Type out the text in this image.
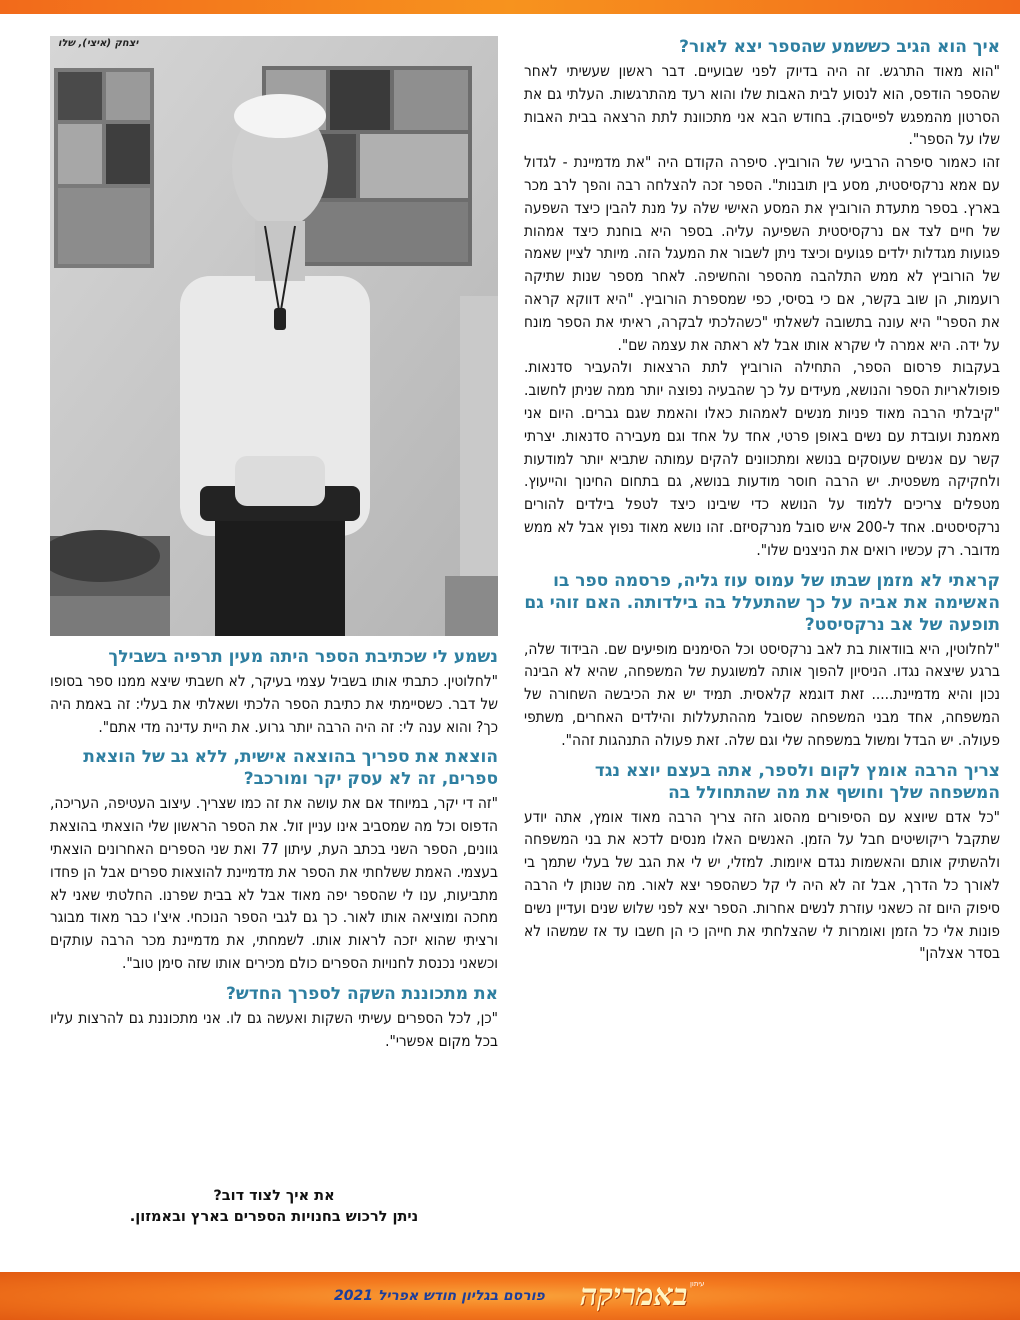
יצחק (איצי), שלו	איך הוא הגיב כששמע שהספר יצא לאור?

"הוא מאוד התרגש. זה היה בדיוק לפני שבועיים. דבר ראשון שעשיתי לאחר שהספר הודפס, הוא לנסוע לבית האבות שלו והוא רעד מהתרגשות. העלתי גם את הסרטון מהמפגש לפייסבוק. בחודש הבא אני מתכוונת לתת הרצאה בבית האבות שלו על הספר".

זהו כאמור סיפרה הרביעי של הורוביץ. סיפרה הקודם היה "את מדמיינת - לגדול עם אמא נרקסיסטית, מסע בין תובנות". הספר זכה להצלחה רבה והפך לרב מכר בארץ. בספר מתעדת הורוביץ את המסע האישי שלה על מנת להבין כיצד השפעה של חיים לצד אם נרקסיסטית השפיעה עליה. בספר היא בוחנת כיצד אמהות פגועות מגדלות ילדים פגועים וכיצד ניתן לשבור את המעגל הזה. מיותר לציין שאמה של הורוביץ לא ממש התלהבה מהספר והחשיפה. לאחר מספר שנות שתיקה רועמות, הן שוב בקשר, אם כי בסיסי, כפי שמספרת הורוביץ. "היא דווקא קראה את הספר" היא עונה בתשובה לשאלתי "כשהלכתי לבקרה, ראיתי את הספר מונח על ידה. היא אמרה לי שקרא אותו אבל לא ראתה את עצמה שם".

בעקבות פרסום הספר, התחילה הורוביץ לתת הרצאות ולהעביר סדנאות. פופולאריות הספר והנושא, מעידים על כך שהבעיה נפוצה יותר ממה שניתן לחשוב. "קיבלתי הרבה מאוד פניות מנשים לאמהות כאלו והאמת שגם גברים. היום אני מאמנת ועובדת עם נשים באופן פרטי, אחד על אחד וגם מעבירה סדנאות. יצרתי קשר עם אנשים שעוסקים בנושא ומתכוונים להקים עמותה שתביא יותר למודעות ולחקיקה משפטית. יש הרבה חוסר מודעות בנושא, גם בתחום החינוך והייעוץ. מטפלים צריכים ללמוד על הנושא כדי שיבינו כיצד לטפל בילדים להורים נרקסיסטים. אחד ל-200 איש סובל מנרקסיזם. זהו נושא מאוד נפוץ אבל לא ממש מדובר. רק עכשיו רואים את הניצנים שלו".

קראתי לא מזמן שבתו של עמוס עוז גליה, פרסמה ספר בו האשימה את אביה על כך שהתעלל בה בילדותה. האם זוהי גם תופעה של אב נרקסיסט?

"לחלוטין, היא בוודאות בת לאב נרקסיסט וכל הסימנים מופיעים שם. הבידוד שלה, ברגע שיצאה נגדו. הניסיון להפוך אותה למשוגעת של המשפחה, שהיא לא הבינה נכון והיא מדמיינת..... זאת דוגמא קלאסית. תמיד יש את הכיבשה השחורה של המשפחה, אחד מבני המשפחה שסובל מההתעללות והילדים האחרים, משתפי פעולה. יש הבדל ומשול במשפחה שלי וגם שלה. זאת פעולה התנהגות זהה".

צריך הרבה אומץ לקום ולספר, אתה בעצם יוצא נגד המשפחה שלך וחושף את מה שהתחולל בה

"כל אדם שיוצא עם הסיפורים מהסוג הזה צריך הרבה מאוד אומץ, אתה יודע שתקבל ריקושיטים חבל על הזמן. האנשים האלו מנסים לדכא את בני המשפחה ולהשתיק אותם והאשמות נגדם איומות. למזלי, יש לי את הגב של בעלי שתמך בי לאורך כל הדרך, אבל זה לא היה לי קל כשהספר יצא לאור. מה שנותן לי הרבה סיפוק היום זה כשאני עוזרת לנשים אחרות. הספר יצא לפני שלוש שנים ועדיין נשים פונות אלי כל הזמן ואומרות לי שהצלחתי את חייהן כי הן חשבו עד אז שמשהו לא בסדר אצלהן"

נשמע לי שכתיבת הספר היתה מעין תרפיה בשבילך

"לחלוטין. כתבתי אותו בשביל עצמי בעיקר, לא חשבתי שיצא ממנו ספר בסופו של דבר. כשסיימתי את כתיבת הספר הלכתי ושאלתי את בעלי: זה באמת היה כך? והוא ענה לי: זה היה הרבה יותר גרוע. את היית עדינה מדי אתם".

הוצאת את ספריך בהוצאה אישית, ללא גב של הוצאת ספרים, זה לא עסק יקר ומורכב?

"זה די יקר, במיוחד אם את עושה את זה כמו שצריך. עיצוב העטיפה, העריכה, הדפוס וכל מה שמסביב אינו עניין זול. את הספר הראשון שלי הוצאתי בהוצאת גוונים, הספר השני בכתב העת, עיתון 77 ואת שני הספרים האחרונים הוצאתי בעצמי. האמת ששלחתי את הספר את מדמיינת להוצאות ספרים אבל הן פחדו מתביעות, ענו לי שהספר יפה מאוד אבל לא בבית שפרנו. החלטתי שאני לא מחכה ומוציאה אותו לאור. כך גם לגבי הספר הנוכחי. איצ'ו כבר מאוד מבוגר ורציתי שהוא יזכה לראות אותו. לשמחתי, את מדמיינת מכר הרבה עותקים וכשאני נכנסת לחנויות הספרים כולם מכירים אותו שזה סימן טוב".

את מתכוננת השקה לספרך החדש?

"כן, לכל הספרים עשיתי השקות ואעשה גם לו. אני מתכוננת גם להרצות עליו בכל מקום אפשרי".

את איך לצוד דוב?
ניתן לרכוש בחנויות הספרים בארץ ובאמזון.
באמריקה עיתון
פורסם בגליון חודש אפריל 2021
